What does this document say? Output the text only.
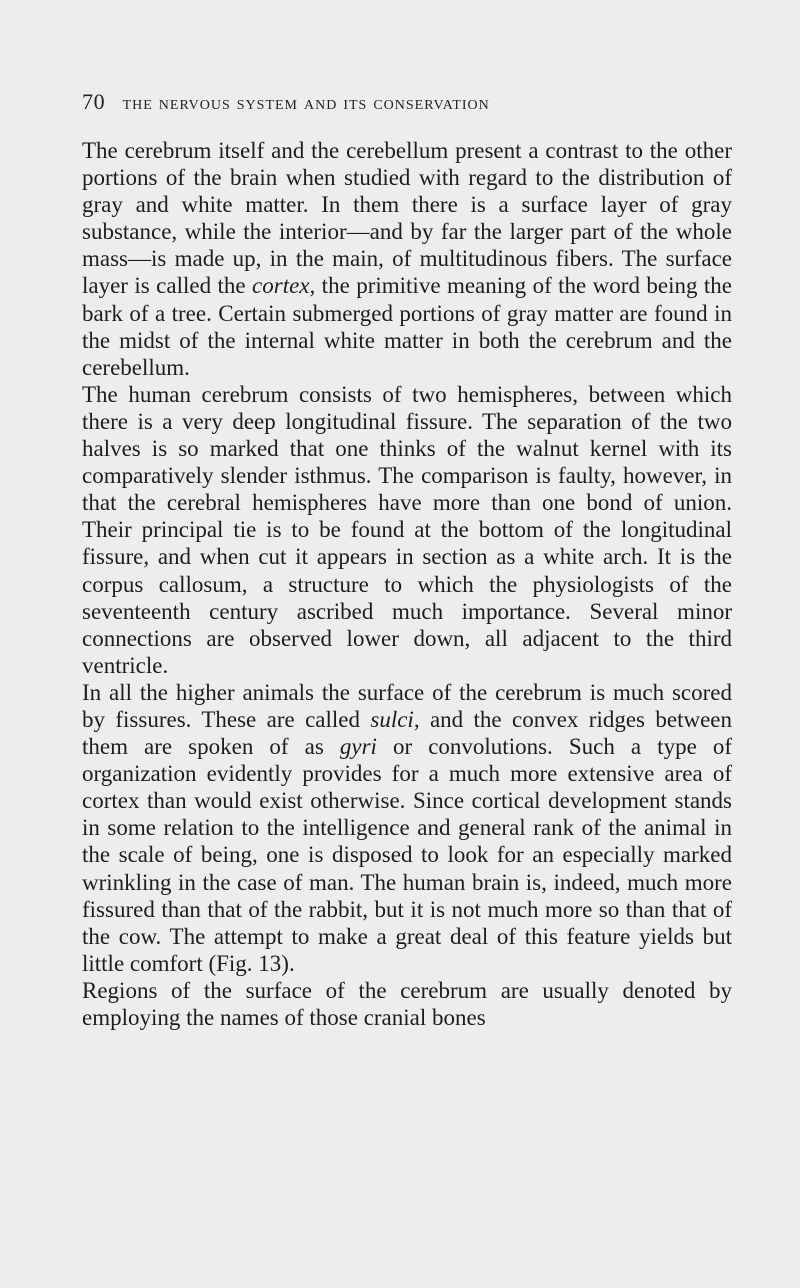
70 the nervous system and its conservation

The cerebrum itself and the cerebellum present a contrast to the other portions of the brain when studied with regard to the distribution of gray and white matter. In them there is a surface layer of gray substance, while the interior—and by far the larger part of the whole mass—is made up, in the main, of multitudinous fibers. The surface layer is called the cortex, the primitive meaning of the word being the bark of a tree. Certain submerged portions of gray matter are found in the midst of the internal white matter in both the cerebrum and the cerebellum.

The human cerebrum consists of two hemispheres, between which there is a very deep longitudinal fissure. The separation of the two halves is so marked that one thinks of the walnut kernel with its comparatively slender isthmus. The comparison is faulty, however, in that the cerebral hemispheres have more than one bond of union. Their principal tie is to be found at the bottom of the longitudinal fissure, and when cut it appears in section as a white arch. It is the corpus callosum, a structure to which the physiologists of the seventeenth century ascribed much importance. Several minor connections are observed lower down, all adjacent to the third ventricle.

In all the higher animals the surface of the cerebrum is much scored by fissures. These are called sulci, and the convex ridges between them are spoken of as gyri or convolutions. Such a type of organization evidently provides for a much more extensive area of cortex than would exist otherwise. Since cortical development stands in some relation to the intelligence and general rank of the animal in the scale of being, one is disposed to look for an especially marked wrinkling in the case of man. The human brain is, indeed, much more fissured than that of the rabbit, but it is not much more so than that of the cow. The attempt to make a great deal of this feature yields but little comfort (Fig. 13).

Regions of the surface of the cerebrum are usually denoted by employing the names of those cranial bones
